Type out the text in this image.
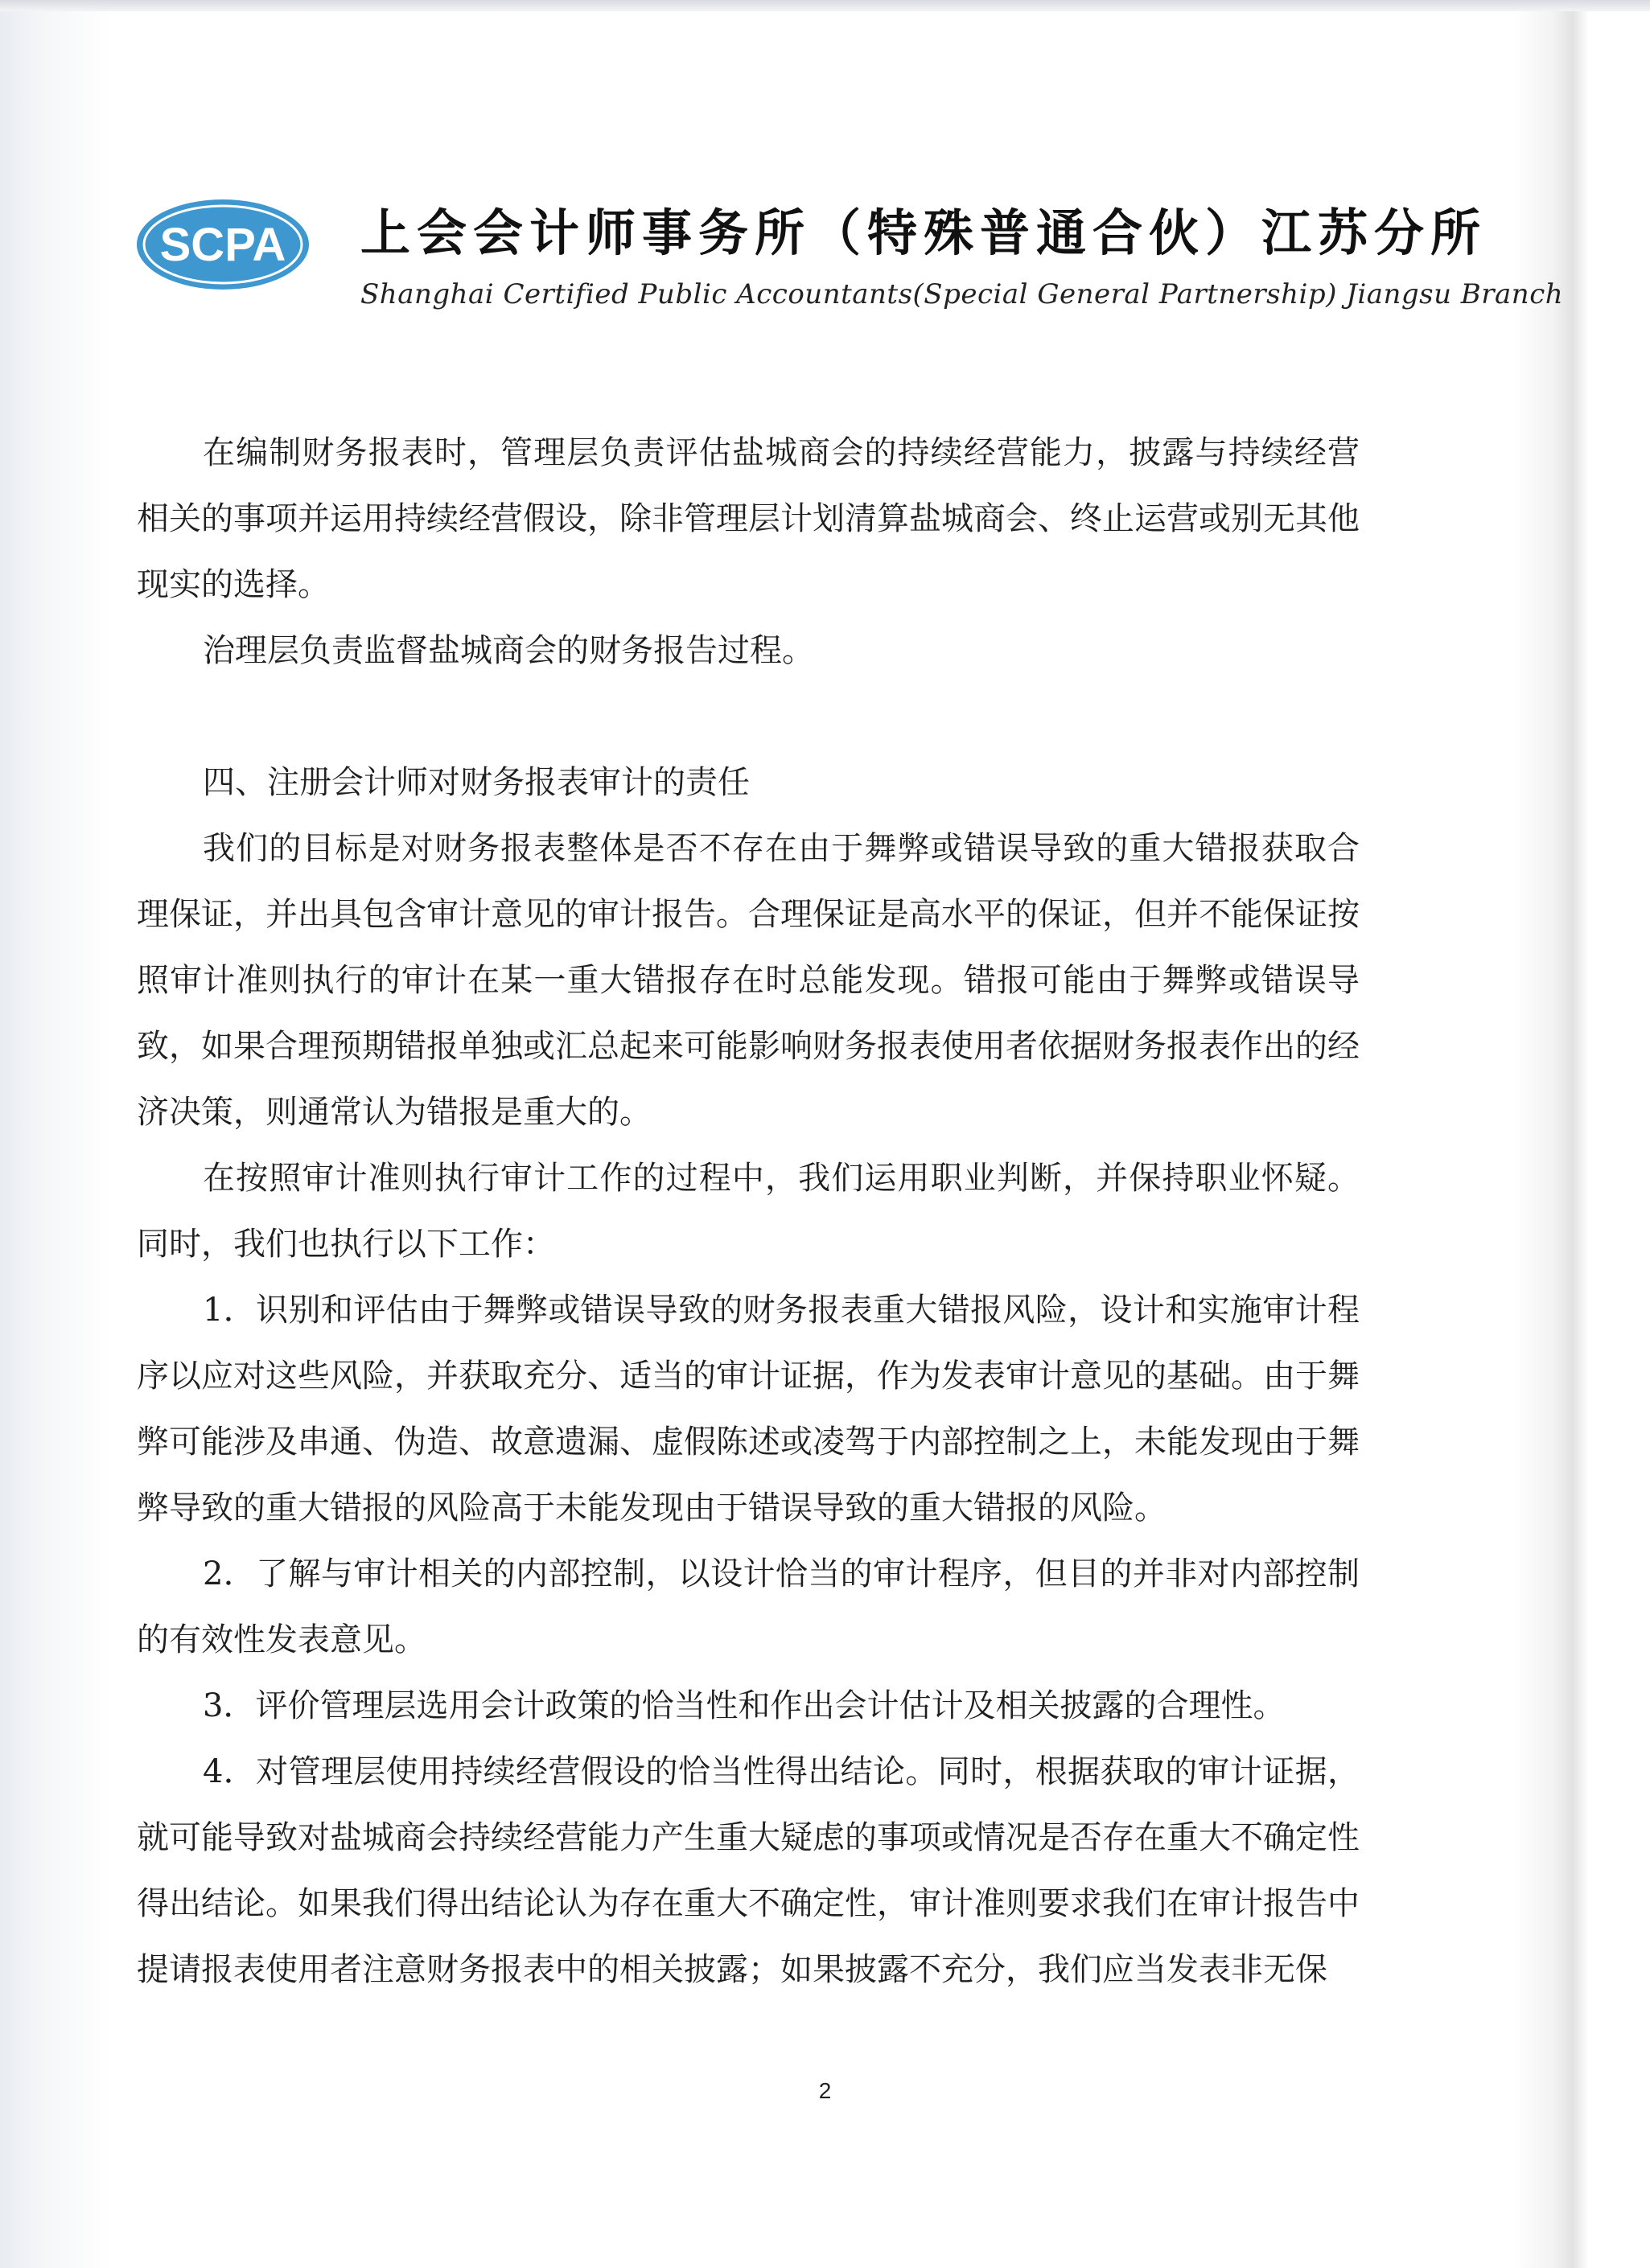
SCPA 上会会计师事务所（特殊普通合伙）江苏分所
Shanghai Certified Public Accountants(Special General Partnership) Jiangsu Branch

在编制财务报表时，管理层负责评估盐城商会的持续经营能力，披露与持续经营相关的事项并运用持续经营假设，除非管理层计划清算盐城商会、终止运营或别无其他现实的选择。

治理层负责监督盐城商会的财务报告过程。

四、注册会计师对财务报表审计的责任

我们的目标是对财务报表整体是否不存在由于舞弊或错误导致的重大错报获取合理保证，并出具包含审计意见的审计报告。合理保证是高水平的保证，但并不能保证按照审计准则执行的审计在某一重大错报存在时总能发现。错报可能由于舞弊或错误导致，如果合理预期错报单独或汇总起来可能影响财务报表使用者依据财务报表作出的经济决策，则通常认为错报是重大的。

在按照审计准则执行审计工作的过程中，我们运用职业判断，并保持职业怀疑。同时，我们也执行以下工作：

1．识别和评估由于舞弊或错误导致的财务报表重大错报风险，设计和实施审计程序以应对这些风险，并获取充分、适当的审计证据，作为发表审计意见的基础。由于舞弊可能涉及串通、伪造、故意遗漏、虚假陈述或凌驾于内部控制之上，未能发现由于舞弊导致的重大错报的风险高于未能发现由于错误导致的重大错报的风险。

2．了解与审计相关的内部控制，以设计恰当的审计程序，但目的并非对内部控制的有效性发表意见。

3．评价管理层选用会计政策的恰当性和作出会计估计及相关披露的合理性。

4．对管理层使用持续经营假设的恰当性得出结论。同时，根据获取的审计证据，就可能导致对盐城商会持续经营能力产生重大疑虑的事项或情况是否存在重大不确定性得出结论。如果我们得出结论认为存在重大不确定性，审计准则要求我们在审计报告中提请报表使用者注意财务报表中的相关披露；如果披露不充分，我们应当发表非无保

2
